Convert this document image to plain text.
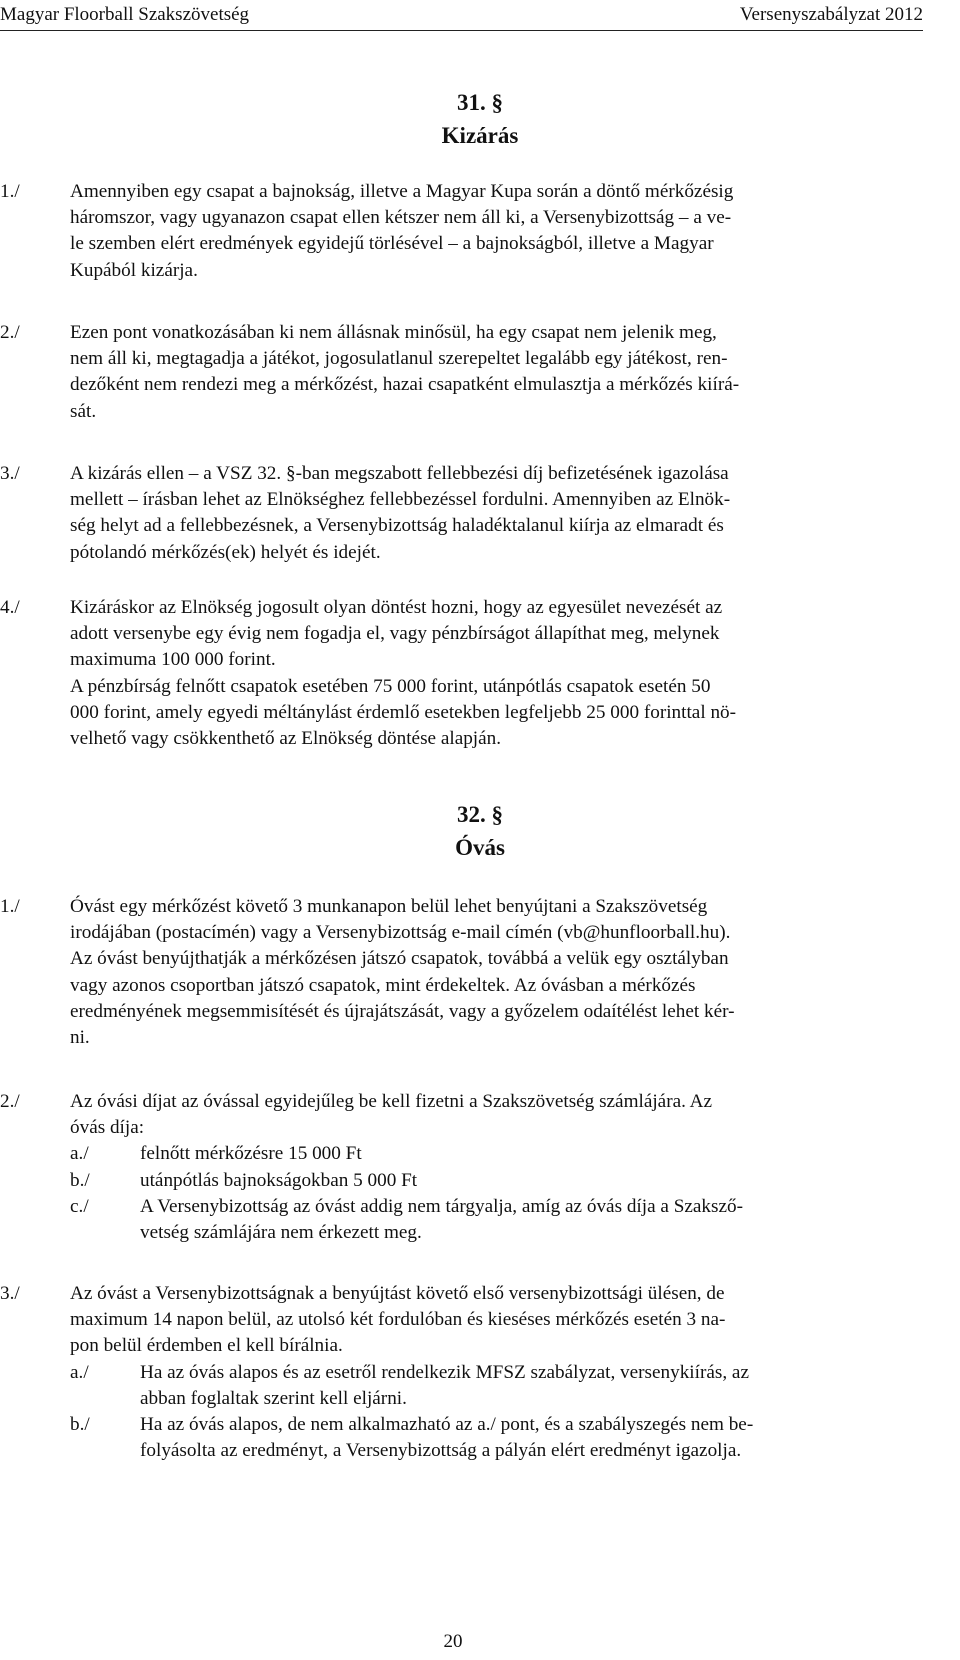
Magyar Floorball Szakszövetség	Versenyszabályzat 2012
31. §
Kizárás
1./	Amennyiben egy csapat a bajnokság, illetve a Magyar Kupa során a döntő mérkőzésig
háromszor, vagy ugyanazon csapat ellen kétszer nem áll ki, a Versenybizottság – a ve-
le szemben elért eredmények egyidejű törlésével – a bajnokságból, illetve a Magyar
Kupából kizárja.
2./	Ezen pont vonatkozásában ki nem állásnak minősül, ha egy csapat nem jelenik meg,
nem áll ki, megtagadja a játékot, jogosulatlanul szerepeltet legalább egy játékost, ren-
dezőként nem rendezi meg a mérkőzést, hazai csapatként elmulasztja a mérkőzés kiírá-
sát.
3./	A kizárás ellen – a VSZ 32. §-ban megszabott fellebbezési díj befizetésének igazolása
mellett – írásban lehet az Elnökséghez fellebbezéssel fordulni. Amennyiben az Elnök-
ség helyt ad a fellebbezésnek, a Versenybizottság haladéktalanul kiírja az elmaradt és
pótolandó mérkőzés(ek) helyét és idejét.
4./	Kizáráskor az Elnökség jogosult olyan döntést hozni, hogy az egyesület nevezését az
adott versenybe egy évig nem fogadja el, vagy pénzbírságot állapíthat meg, melynek
maximuma 100 000 forint.
A pénzbírság felnőtt csapatok esetében 75 000 forint, utánpótlás csapatok esetén 50
000 forint, amely egyedi méltánylást érdemlő esetekben legfeljebb 25 000 forinttal nö-
velhető vagy csökkenthető az Elnökség döntése alapján.
32. §
Óvás
1./	Óvást egy mérkőzést követő 3 munkanapon belül lehet benyújtani a Szakszövetség
irodájában (postacímén) vagy a Versenybizottság e-mail címén (vb@hunfloorball.hu).
Az óvást benyújthatják a mérkőzésen játszó csapatok, továbbá a velük egy osztályban
vagy azonos csoportban játszó csapatok, mint érdekeltek. Az óvásban a mérkőzés
eredményének megsemmisítését és újrajátszását, vagy a győzelem odaítélést lehet kér-
ni.
2./	Az óvási díjat az óvással egyidejűleg be kell fizetni a Szakszövetség számlájára. Az
óvás díja:
a./	felnőtt mérkőzésre 15 000 Ft
b./	utánpótlás bajnokságokban 5 000 Ft
c./	A Versenybizottság az óvást addig nem tárgyalja, amíg az óvás díja a Szaksző-
vetség számlájára nem érkezett meg.
3./	Az óvást a Versenybizottságnak a benyújtást követő első versenybizottsági ülésen, de
maximum 14 napon belül, az utolsó két fordulóban és kieséses mérkőzés esetén 3 na-
pon belül érdemben el kell bírálnia.
a./	Ha az óvás alapos és az esetről rendelkezik MFSZ szabályzat, versenykiírás, az
abban foglaltak szerint kell eljárni.
b./	Ha az óvás alapos, de nem alkalmazható az a./ pont, és a szabályszegés nem be-
folyásolta az eredményt, a Versenybizottság a pályán elért eredményt igazolja.
20
